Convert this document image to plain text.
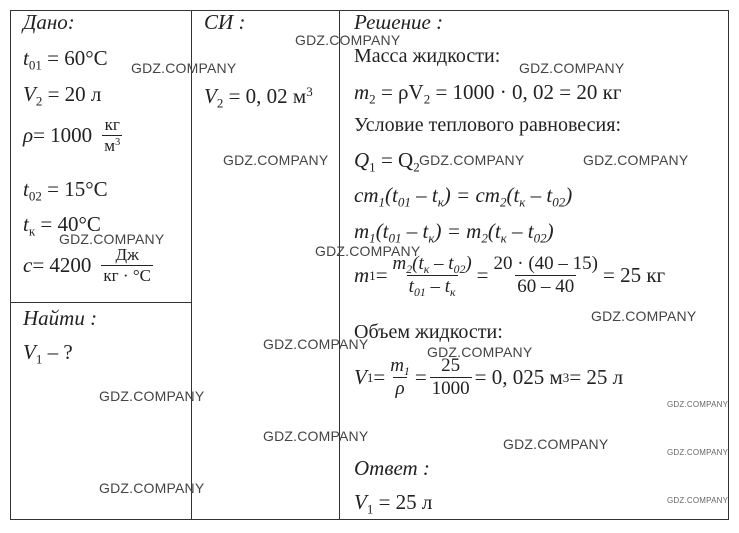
Дано:	СИ :	Решение :
Найти :
Ответ :
$t_{01} = 60^\circ C$
$V_2 = 20$ л
$\rho = 1000 \frac{кг}{м^3}$
$t_{02} = 15^\circ C$
$t_к = 40^\circ C$
$c = 4200 \frac{Дж}{кг \cdot ^\circ C}$
$V_2 = 0$, 02 $м^3$
$V_1$ – ?
Масса жидкости:
$m_2 = \rho V_2 = 1000 \cdot 0$, 02 = 20 кг
Условие теплового равновесия:
$Q_1 = Q_2$
$cm_1(t_{01} - t_к) = cm_2(t_к - t_{02})$
$m_1(t_{01} - t_к) = m_2(t_к - t_{02})$
m $1 = \frac{m_2(t_к - t_{02})}{t_{01} - t_к} = \frac{20 \cdot (40 - 15)}{60 - 40} = 25$ кг
Объем жидкости:
V $1 = \frac{m_1}{\rho} = \frac{25}{1000} = 0$, 025 м 3 = 25 л
$V_1 = 25$ л
GDZ.COMPANY
GDZ.COMPANY	GDZ.COMPANY
GDZ.COMPANY	GDZ.COMPANY	GDZ.COMPANY
GDZ.COMPANY
GDZ.COMPANY
GDZ.COMPANY
GDZ.COMPANY	GDZ.COMPANY
GDZ.COMPANY
GDZ.COMPANY
GDZ.COMPANY	GDZ.COMPANY
GDZ.COMPANY
GDZ.COMPANY
GDZ.COMPANY
